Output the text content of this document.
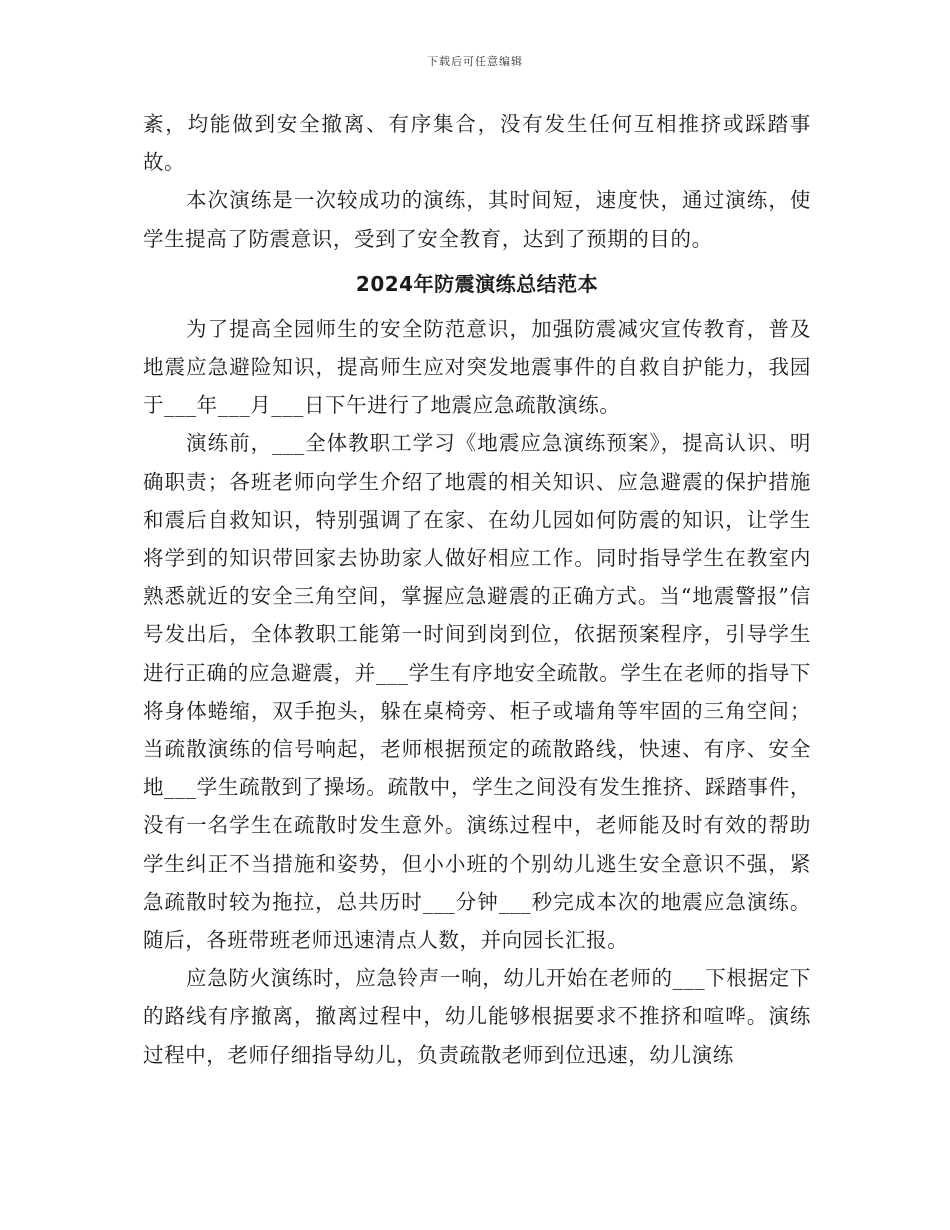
下载后可任意编辑

紊，均能做到安全撤离、有序集合，没有发生任何互相推挤或踩踏事故。

本次演练是一次较成功的演练，其时间短，速度快，通过演练，使学生提高了防震意识，受到了安全教育，达到了预期的目的。

2024年防震演练总结范本

为了提高全园师生的安全防范意识，加强防震减灾宣传教育，普及地震应急避险知识，提高师生应对突发地震事件的自救自护能力，我园于___年___月___日下午进行了地震应急疏散演练。

演练前，___全体教职工学习《地震应急演练预案》，提高认识、明确职责；各班老师向学生介绍了地震的相关知识、应急避震的保护措施和震后自救知识，特别强调了在家、在幼儿园如何防震的知识，让学生将学到的知识带回家去协助家人做好相应工作。同时指导学生在教室内熟悉就近的安全三角空间，掌握应急避震的正确方式。当“地震警报”信号发出后，全体教职工能第一时间到岗到位，依据预案程序，引导学生进行正确的应急避震，并___学生有序地安全疏散。学生在老师的指导下将身体蜷缩，双手抱头，躲在桌椅旁、柜子或墙角等牢固的三角空间；当疏散演练的信号响起，老师根据预定的疏散路线，快速、有序、安全地___学生疏散到了操场。疏散中，学生之间没有发生推挤、踩踏事件，没有一名学生在疏散时发生意外。演练过程中，老师能及时有效的帮助学生纠正不当措施和姿势，但小小班的个别幼儿逃生安全意识不强，紧急疏散时较为拖拉，总共历时___分钟___秒完成本次的地震应急演练。随后，各班带班老师迅速清点人数，并向园长汇报。

应急防火演练时，应急铃声一响，幼儿开始在老师的___下根据定下的路线有序撤离，撤离过程中，幼儿能够根据要求不推挤和喧哗。演练过程中，老师仔细指导幼儿，负责疏散老师到位迅速，幼儿演练
